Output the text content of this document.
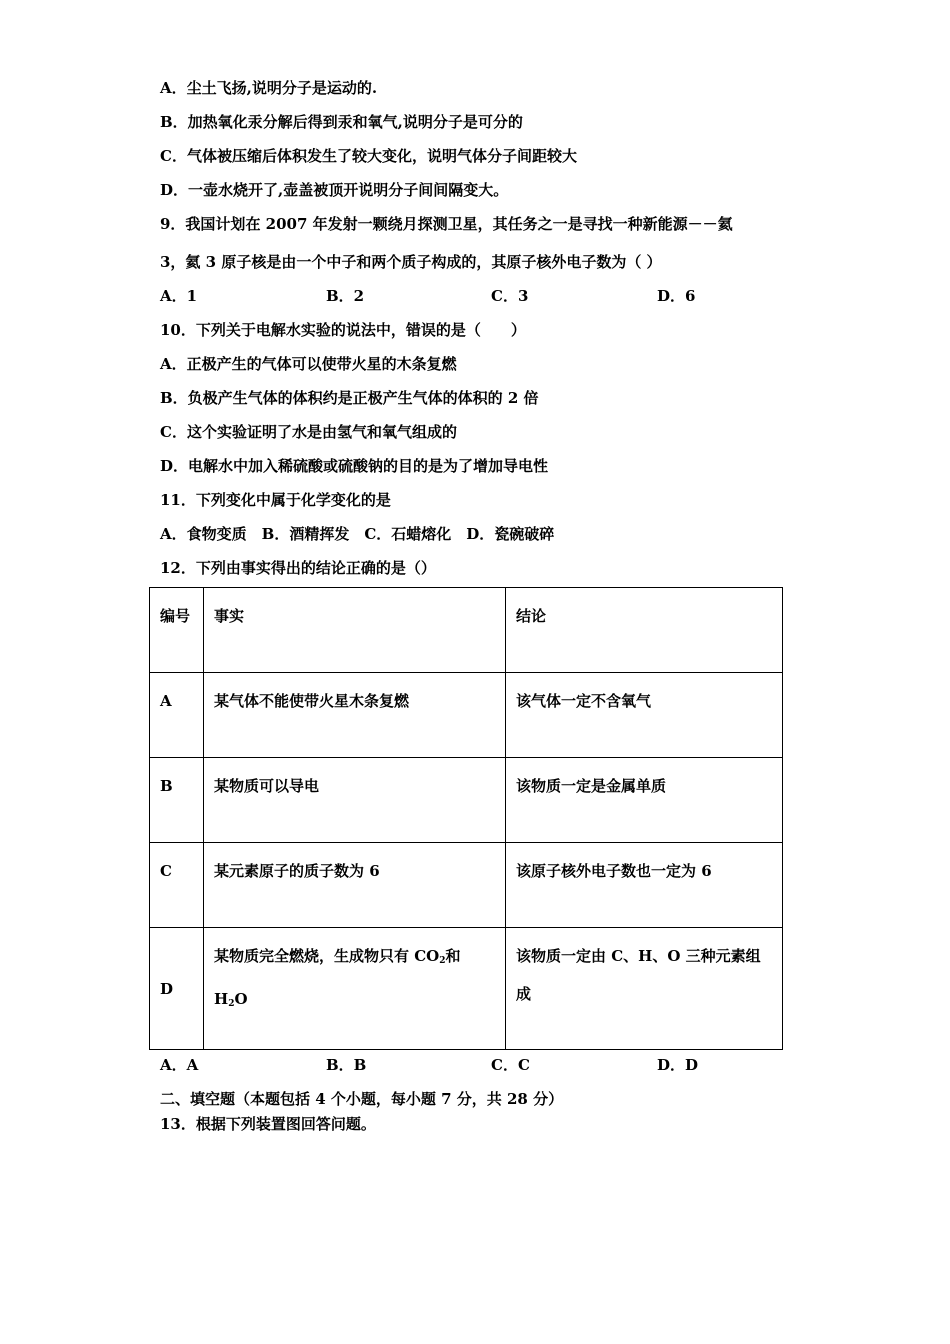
A．尘土飞扬,说明分子是运动的.
B．加热氧化汞分解后得到汞和氧气,说明分子是可分的
C．气体被压缩后体积发生了较大变化，说明气体分子间距较大
D．一壶水烧开了,壶盖被顶开说明分子间间隔变大。
9．我国计划在 2007 年发射一颗绕月探测卫星，其任务之一是寻找一种新能源－－氦
3，氦 3 原子核是由一个中子和两个质子构成的，其原子核外电子数为（ ）
A．1	B．2	C．3	D．6
10．下列关于电解水实验的说法中，错误的是（　　）
A．正极产生的气体可以使带火星的木条复燃
B．负极产生气体的体积约是正极产生气体的体积的 2 倍
C．这个实验证明了水是由氢气和氧气组成的
D．电解水中加入稀硫酸或硫酸钠的目的是为了增加导电性
11．下列变化中属于化学变化的是
A．食物变质　B．酒精挥发　C．石蜡熔化　D．瓷碗破碎
12．下列由事实得出的结论正确的是（）
编号	事实	结论
A	某气体不能使带火星木条复燃	该气体一定不含氧气
B	某物质可以导电	该物质一定是金属单质
C	某元素原子的质子数为 6	该原子核外电子数也一定为 6
D	某物质完全燃烧，生成物只有 $CO_2$和 $H_2O$	该物质一定由 C、H、O 三种元素组成
A．A	B．B	C．C	D．D
二、填空题（本题包括 4 个小题，每小题 7 分，共 28 分）
13．根据下列装置图回答问题。
